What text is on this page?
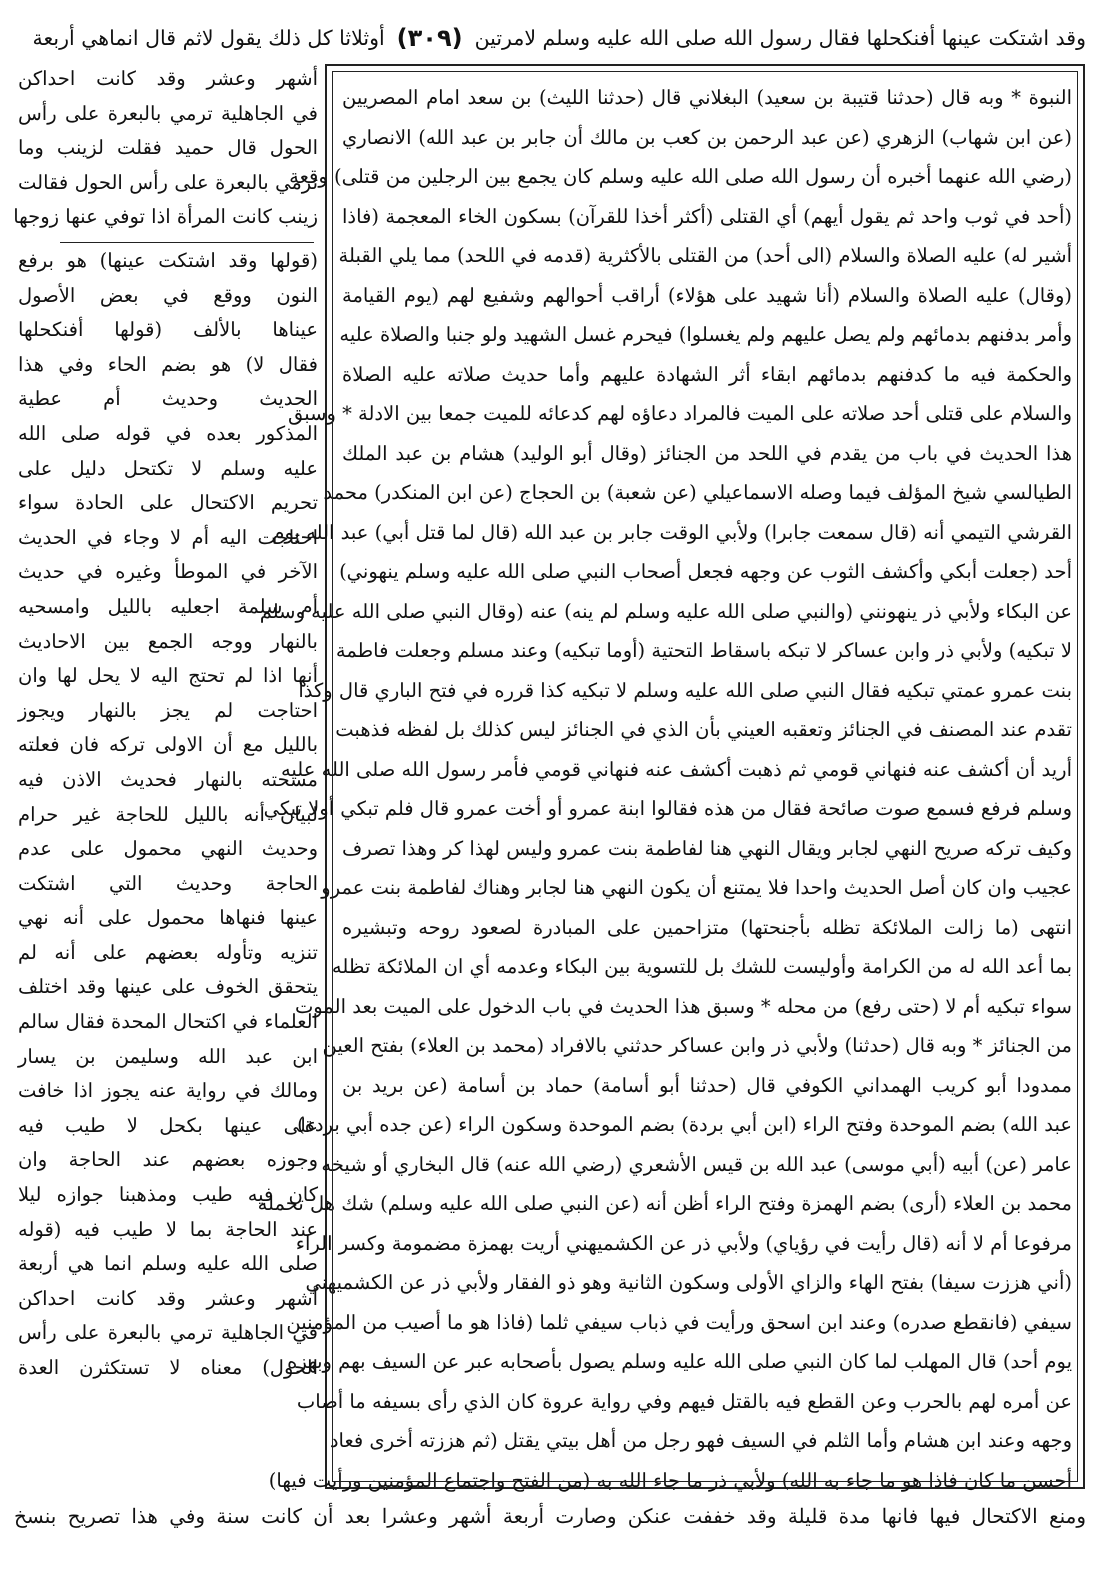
وقد اشتكت عينها أفنكحلها فقال رسول الله صلى الله عليه وسلم لامرتين
(٣٠٩)
أوثلاثا كل ذلك يقول لاثم قال انماهي أربعة
النبوة * وبه قال (حدثنا قتيبة بن سعيد) البغلاني قال (حدثنا الليث) بن سعد امام المصريين
(عن ابن شهاب) الزهري (عن عبد الرحمن بن كعب بن مالك أن جابر بن عبد الله) الانصاري
(رضي الله عنهما أخبره أن رسول الله صلى الله عليه وسلم كان يجمع بين الرجلين من قتلى) وقعة
(أحد في ثوب واحد ثم يقول أيهم) أي القتلى (أكثر أخذا للقرآن) بسكون الخاء المعجمة (فاذا
أشير له) عليه الصلاة والسلام (الى أحد) من القتلى بالأكثرية (قدمه في اللحد) مما يلي القبلة
(وقال) عليه الصلاة والسلام (أنا شهيد على هؤلاء) أراقب أحوالهم وشفيع لهم (يوم القيامة
وأمر بدفنهم بدمائهم ولم يصل عليهم ولم يغسلوا) فيحرم غسل الشهيد ولو جنبا والصلاة عليه
والحكمة فيه ما كدفنهم بدمائهم ابقاء أثر الشهادة عليهم وأما حديث صلاته عليه الصلاة
والسلام على قتلى أحد صلاته على الميت فالمراد دعاؤه لهم كدعائه للميت جمعا بين الادلة * وسبق
هذا الحديث في باب من يقدم في اللحد من الجنائز (وقال أبو الوليد) هشام بن عبد الملك
الطيالسي شيخ المؤلف فيما وصله الاسماعيلي (عن شعبة) بن الحجاج (عن ابن المنكدر) محمد
القرشي التيمي أنه (قال سمعت جابرا) ولأبي الوقت جابر بن عبد الله (قال لما قتل أبي) عبد الله يوم
أحد (جعلت أبكي وأكشف الثوب عن وجهه فجعل أصحاب النبي صلى الله عليه وسلم ينهوني)
عن البكاء ولأبي ذر ينهونني (والنبي صلى الله عليه وسلم لم ينه) عنه (وقال النبي صلى الله عليه وسلم
لا تبكيه) ولأبي ذر وابن عساكر لا تبكه باسقاط التحتية (أوما تبكيه) وعند مسلم وجعلت فاطمة
بنت عمرو عمتي تبكيه فقال النبي صلى الله عليه وسلم لا تبكيه كذا قرره في فتح الباري قال وكذا
تقدم عند المصنف في الجنائز وتعقبه العيني بأن الذي في الجنائز ليس كذلك بل لفظه فذهبت
أريد أن أكشف عنه فنهاني قومي ثم ذهبت أكشف عنه فنهاني قومي فأمر رسول الله صلى الله عليه
وسلم فرفع فسمع صوت صائحة فقال من هذه فقالوا ابنة عمرو أو أخت عمرو قال فلم تبكي أولا تبكي
وكيف تركه صريح النهي لجابر ويقال النهي هنا لفاطمة بنت عمرو وليس لهذا كر وهذا تصرف
عجيب وان كان أصل الحديث واحدا فلا يمتنع أن يكون النهي هنا لجابر وهناك لفاطمة بنت عمرو
انتهى (ما زالت الملائكة تظله بأجنحتها) متزاحمين على المبادرة لصعود روحه وتبشيره
بما أعد الله له من الكرامة وأوليست للشك بل للتسوية بين البكاء وعدمه أي ان الملائكة تظله
سواء تبكيه أم لا (حتى رفع) من محله * وسبق هذا الحديث في باب الدخول على الميت بعد الموت
من الجنائز * وبه قال (حدثنا) ولأبي ذر وابن عساكر حدثني بالافراد (محمد بن العلاء) بفتح العين
ممدودا أبو كريب الهمداني الكوفي قال (حدثنا أبو أسامة) حماد بن أسامة (عن بريد بن
عبد الله) بضم الموحدة وفتح الراء (ابن أبي بردة) بضم الموحدة وسكون الراء (عن جده أبي بردة)
عامر (عن) أبيه (أبي موسى) عبد الله بن قيس الأشعري (رضي الله عنه) قال البخاري أو شيخه
محمد بن العلاء (أرى) بضم الهمزة وفتح الراء أظن أنه (عن النبي صلى الله عليه وسلم) شك هل تحمله
مرفوعا أم لا أنه (قال رأيت في رؤياي) ولأبي ذر عن الكشميهني أريت بهمزة مضمومة وكسر الراء
(أني هززت سيفا) بفتح الهاء والزاي الأولى وسكون الثانية وهو ذو الفقار ولأبي ذر عن الكشميهني
سيفي (فانقطع صدره) وعند ابن اسحق ورأيت في ذباب سيفي ثلما (فاذا هو ما أصيب من المؤمنين
يوم أحد) قال المهلب لما كان النبي صلى الله عليه وسلم يصول بأصحابه عبر عن السيف بهم وبهزه
عن أمره لهم بالحرب وعن القطع فيه بالقتل فيهم وفي رواية عروة كان الذي رأى بسيفه ما أصاب
وجهه وعند ابن هشام وأما الثلم في السيف فهو رجل من أهل بيتي يقتل (ثم هززته أخرى فعاد
أحسن ما كان فاذا هو ما جاء به الله) ولأبي ذر ما جاء الله به (من الفتح واجتماع المؤمنين ورأيت فيها)
أشهر وعشر وقد كانت احداكن
في الجاهلية ترمي بالبعرة على رأس
الحول قال حميد فقلت لزينب وما
ترمي بالبعرة على رأس الحول فقالت
زينب كانت المرأة اذا توفي عنها زوجها
(قولها وقد اشتكت عينها) هو برفع
النون ووقع في بعض الأصول
عيناها بالألف (قولها أفنكحلها
فقال لا) هو بضم الحاء وفي هذا
الحديث وحديث أم عطية
المذكور بعده في قوله صلى الله
عليه وسلم لا تكتحل دليل على
تحريم الاكتحال على الحادة سواء
احتاجت اليه أم لا وجاء في الحديث
الآخر في الموطأ وغيره في حديث
أم سلمة اجعليه بالليل وامسحيه
بالنهار ووجه الجمع بين الاحاديث
أنها اذا لم تحتج اليه لا يحل لها وان
احتاجت لم يجز بالنهار ويجوز
بالليل مع أن الاولى تركه فان فعلته
مسحته بالنهار فحديث الاذن فيه
لبيان أنه بالليل للحاجة غير حرام
وحديث النهي محمول على عدم
الحاجة وحديث التي اشتكت
عينها فنهاها محمول على أنه نهي
تنزيه وتأوله بعضهم على أنه لم
يتحقق الخوف على عينها وقد اختلف
العلماء في اكتحال المحدة فقال سالم
ابن عبد الله وسليمن بن يسار
ومالك في رواية عنه يجوز اذا خافت
على عينها بكحل لا طيب فيه
وجوزه بعضهم عند الحاجة وان
كان فيه طيب ومذهبنا جوازه ليلا
عند الحاجة بما لا طيب فيه (قوله
صلى الله عليه وسلم انما هي أربعة
أشهر وعشر وقد كانت احداكن
في الجاهلية ترمي بالبعرة على رأس
الحول) معناه لا تستكثرن العدة
ومنع الاكتحال فيها فانها مدة قليلة وقد خففت عنكن وصارت أربعة أشهر وعشرا بعد أن كانت سنة وفي هذا تصريح بنسخ
